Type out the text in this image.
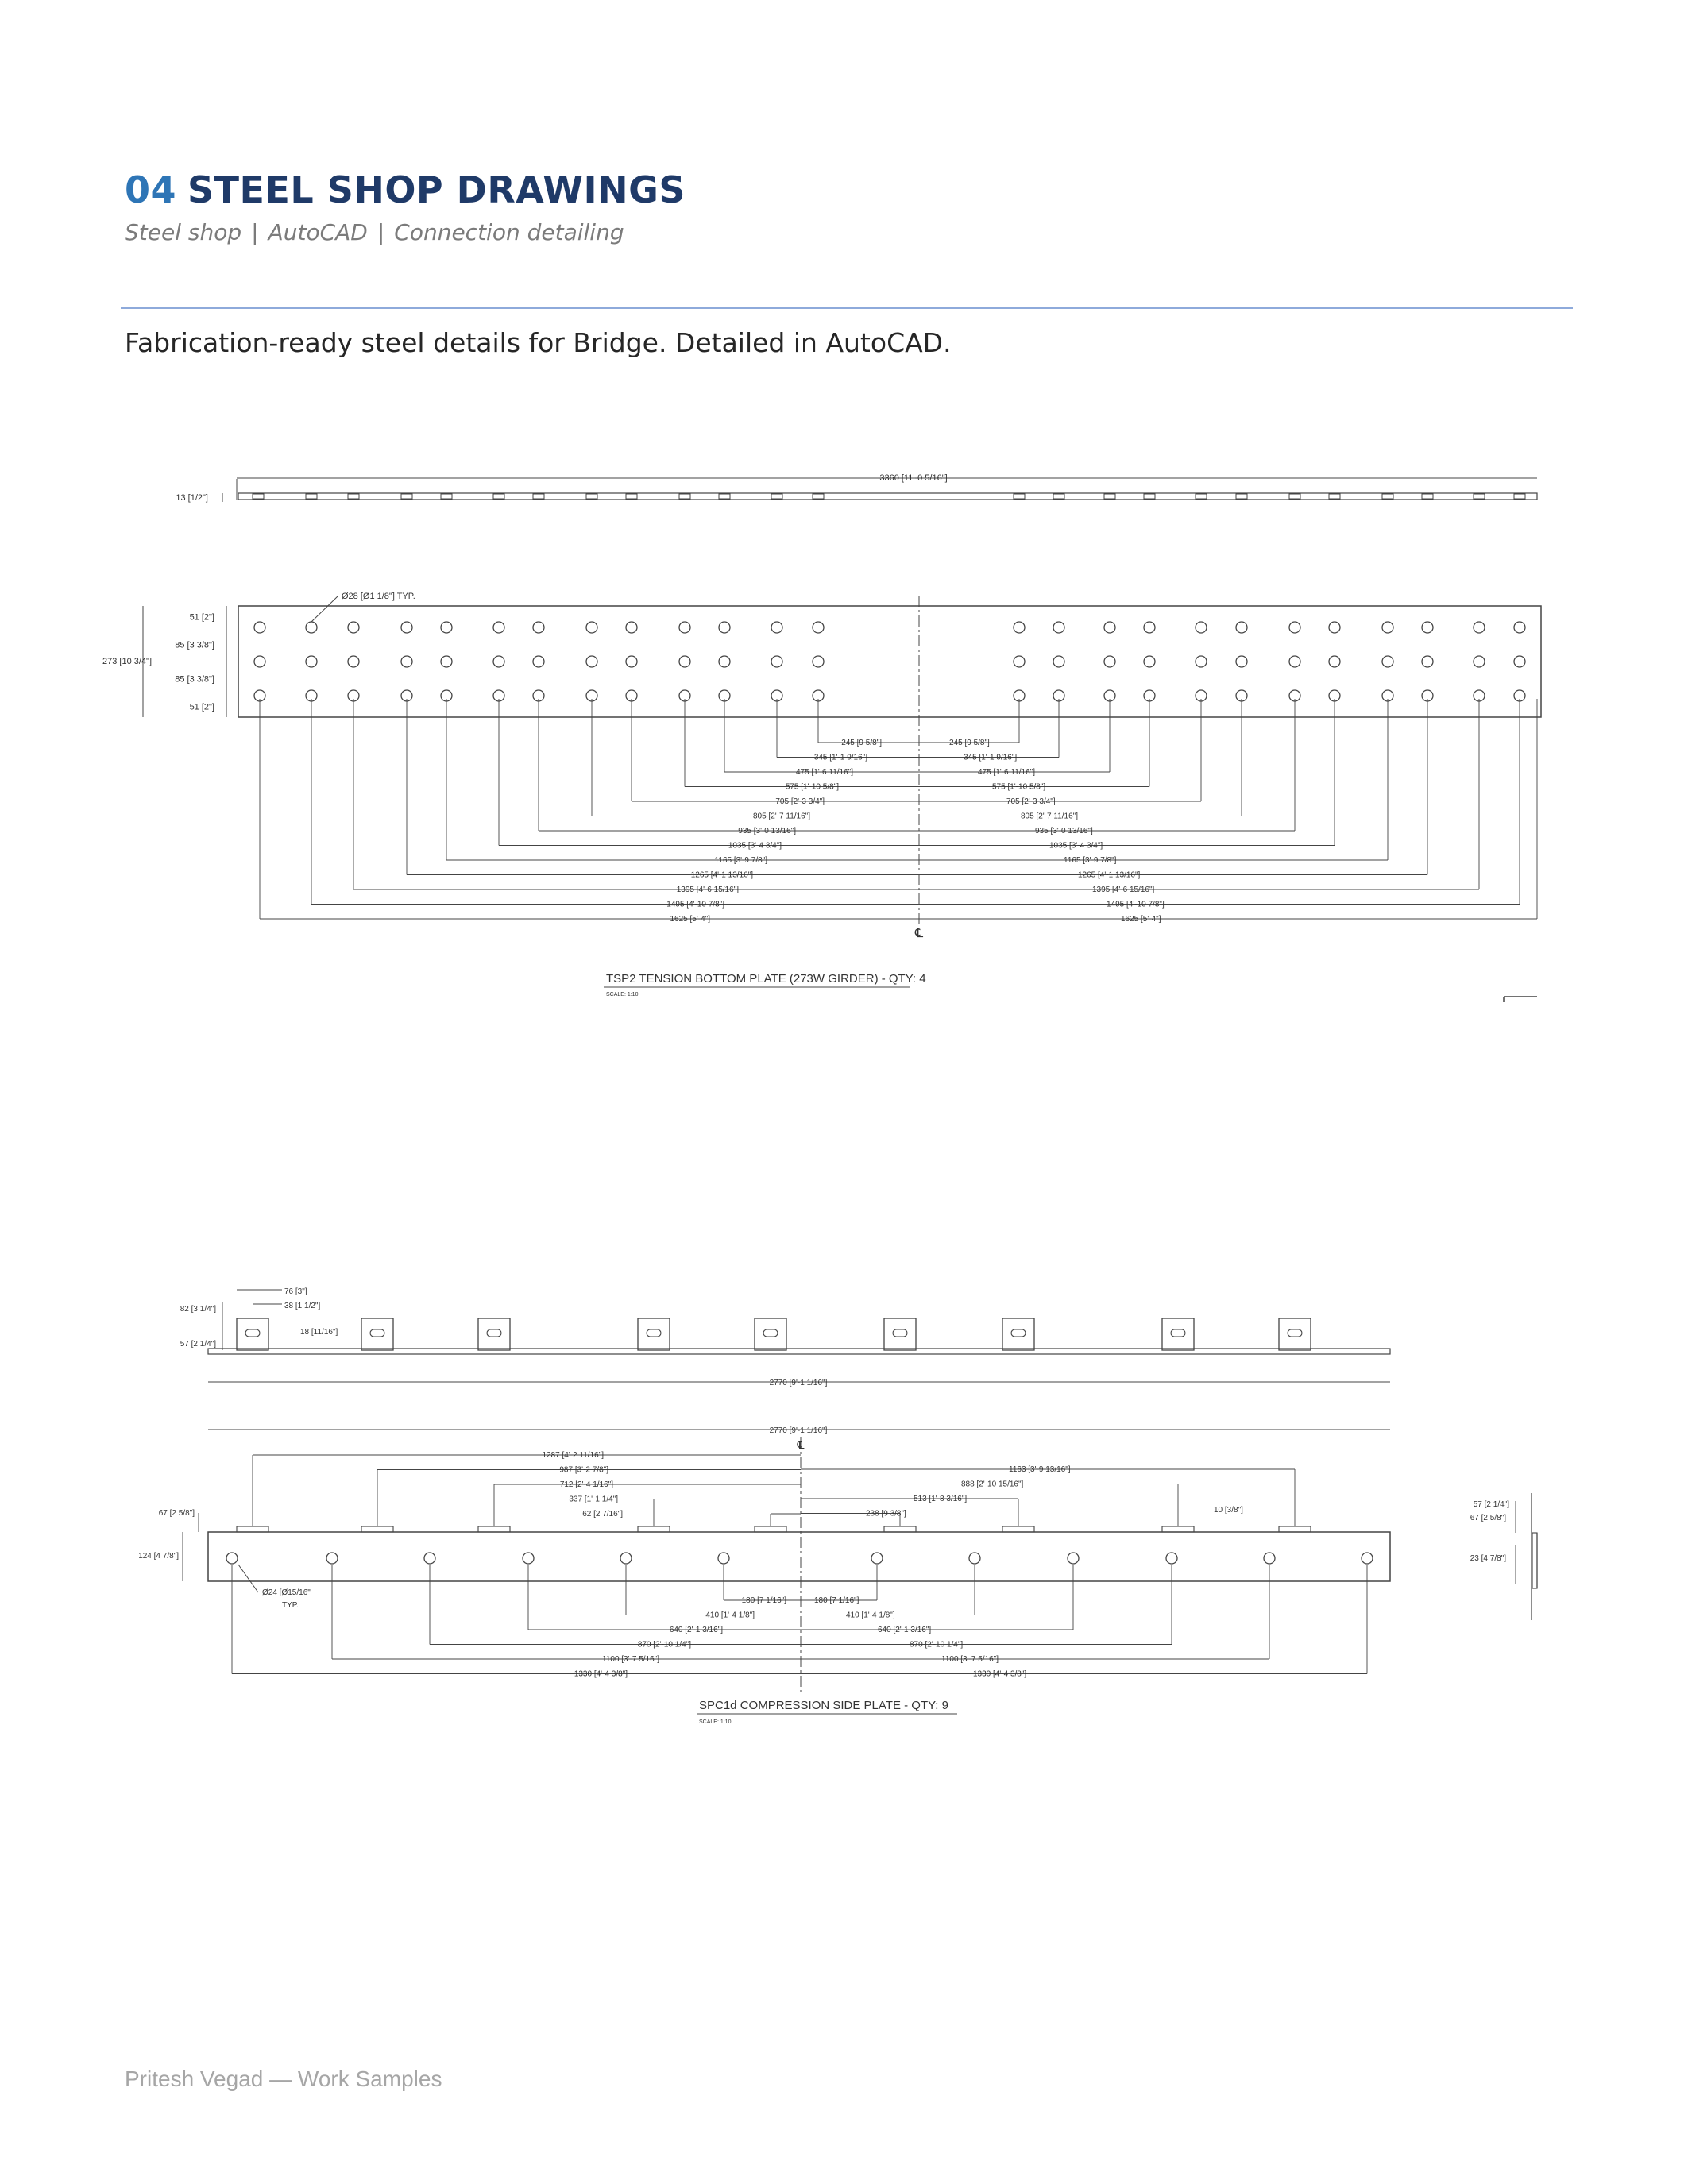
04 STEEL SHOP DRAWINGS
Steel shop | AutoCAD | Connection detailing
Fabrication-ready steel details for Bridge. Detailed in AutoCAD.
3360 [11'-0 5/16"]
13 [1/2"]
℄
Ø28 [Ø1 1/8"] TYP.
51 [2"]
85 [3 3/8"]
85 [3 3/8"]
51 [2"]
273 [10 3/4"]
245 [9 5/8"]
345 [1'-1 9/16"]
475 [1'-6 11/16"]
575 [1'-10 5/8"]
705 [2'-3 3/4"]
805 [2'-7 11/16"]
935 [3'-0 13/16"]
1035 [3'-4 3/4"]
1165 [3'-9 7/8"]
1265 [4'-1 13/16"]
1395 [4'-6 15/16"]
1495 [4'-10 7/8"]
1625 [5'-4"]
245 [9 5/8"]
345 [1'-1 9/16"]
475 [1'-6 11/16"]
575 [1'-10 5/8"]
705 [2'-3 3/4"]
805 [2'-7 11/16"]
935 [3'-0 13/16"]
1035 [3'-4 3/4"]
1165 [3'-9 7/8"]
1265 [4'-1 13/16"]
1395 [4'-6 15/16"]
1495 [4'-10 7/8"]
1625 [5'-4"]
TSP2 TENSION BOTTOM PLATE (273W GIRDER) - QTY: 4
SCALE: 1:10
76 [3"]
38 [1 1/2"]
18 [11/16"]
82 [3 1/4"]
57 [2 1/4"]
2770 [9'-1 1/16"]
2770 [9'-1 1/16"]
℄
1287 [4'-2 11/16"]
987 [3'-2 7/8"]
712 [2'-4 1/16"]
337 [1'-1 1/4"]
62 [2 7/16"]
1163 [3'-9 13/16"]
888 [2'-10 15/16"]
513 [1'-8 3/16"]
238 [9 3/8"]	10 [3/8"]
67 [2 5/8"]
124 [4 7/8"]
Ø24 [Ø15/16"
TYP.
180 [7 1/16"]
410 [1'-4 1/8"]
640 [2'-1 3/16"]
870 [2'-10 1/4"]
1100 [3'-7 5/16"]
1330 [4'-4 3/8"]
180 [7 1/16"]
410 [1'-4 1/8"]
640 [2'-1 3/16"]
870 [2'-10 1/4"]
1100 [3'-7 5/16"]
1330 [4'-4 3/8"]
57 [2 1/4"]
67 [2 5/8"]
23 [4 7/8"]
SPC1d COMPRESSION SIDE PLATE - QTY: 9
SCALE: 1:10
Pritesh Vegad — Work Samples
